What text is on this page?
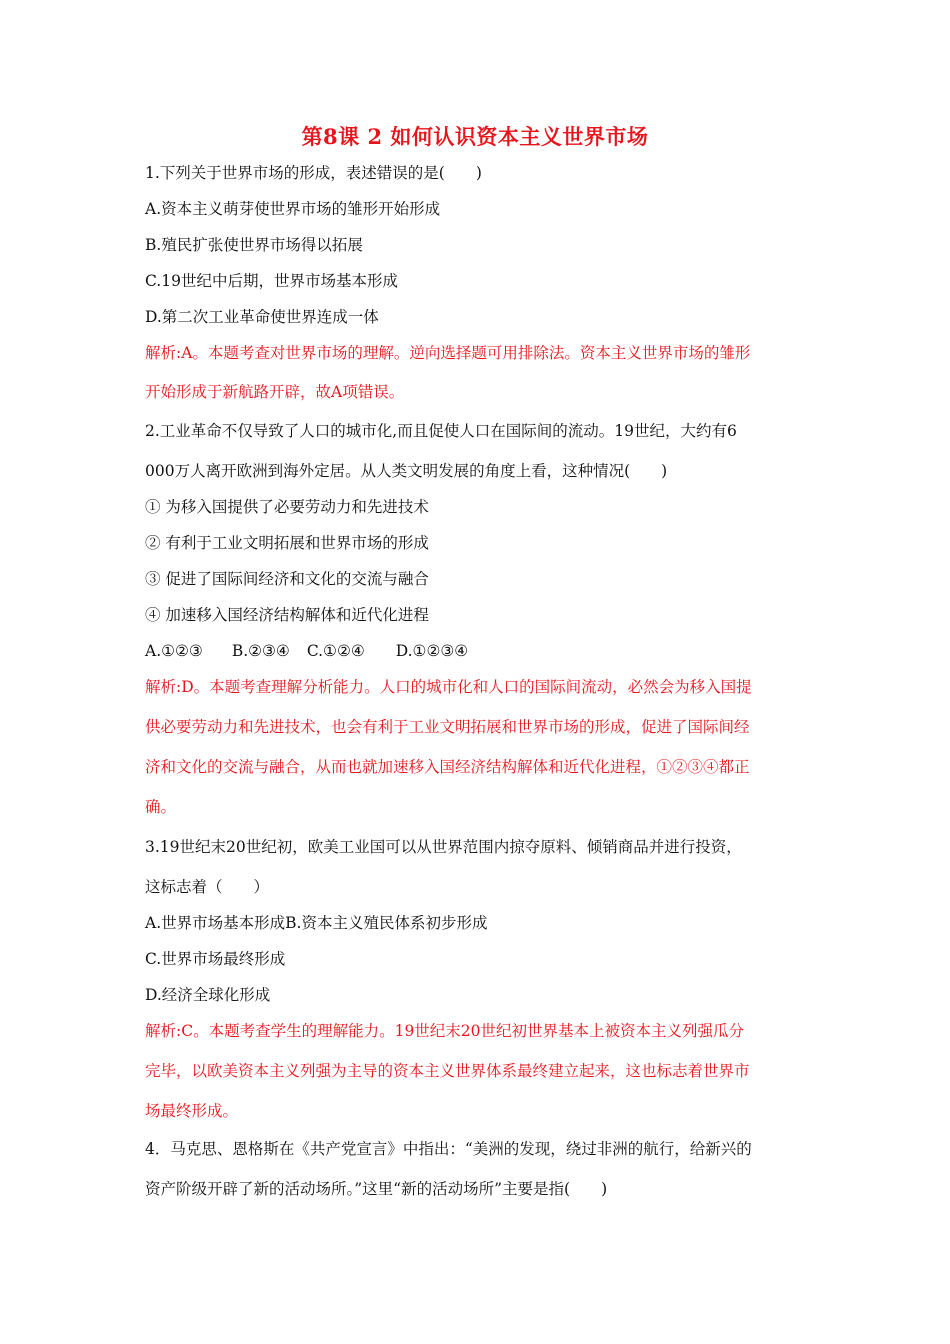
第8课 2 如何认识资本主义世界市场
1.下列关于世界市场的形成，表述错误的是(　　)
A.资本主义萌芽使世界市场的雏形开始形成
B.殖民扩张使世界市场得以拓展
C.19世纪中后期，世界市场基本形成
D.第二次工业革命使世界连成一体
解析:A。本题考查对世界市场的理解。逆向选择题可用排除法。资本主义世界市场的雏形
开始形成于新航路开辟，故A项错误。
2.工业革命不仅导致了人口的城市化,而且促使人口在国际间的流动。19世纪，大约有6
000万人离开欧洲到海外定居。从人类文明发展的角度上看，这种情况(　　)
① 为移入国提供了必要劳动力和先进技术
② 有利于工业文明拓展和世界市场的形成
③ 促进了国际间经济和文化的交流与融合
④ 加速移入国经济结构解体和近代化进程
A.①②③ B.②③④ C.①②④ D.①②③④
解析:D。本题考查理解分析能力。人口的城市化和人口的国际间流动，必然会为移入国提
供必要劳动力和先进技术，也会有利于工业文明拓展和世界市场的形成，促进了国际间经
济和文化的交流与融合，从而也就加速移入国经济结构解体和近代化进程，①②③④都正
确。
3.19世纪末20世纪初，欧美工业国可以从世界范围内掠夺原料、倾销商品并进行投资，
这标志着（　　）
A.世界市场基本形成B.资本主义殖民体系初步形成
C.世界市场最终形成
D.经济全球化形成
解析:C。本题考查学生的理解能力。19世纪末20世纪初世界基本上被资本主义列强瓜分
完毕，以欧美资本主义列强为主导的资本主义世界体系最终建立起来，这也标志着世界市
场最终形成。
4．马克思、恩格斯在《共产党宣言》中指出：“美洲的发现，绕过非洲的航行，给新兴的
资产阶级开辟了新的活动场所。”这里“新的活动场所”主要是指(　　)
